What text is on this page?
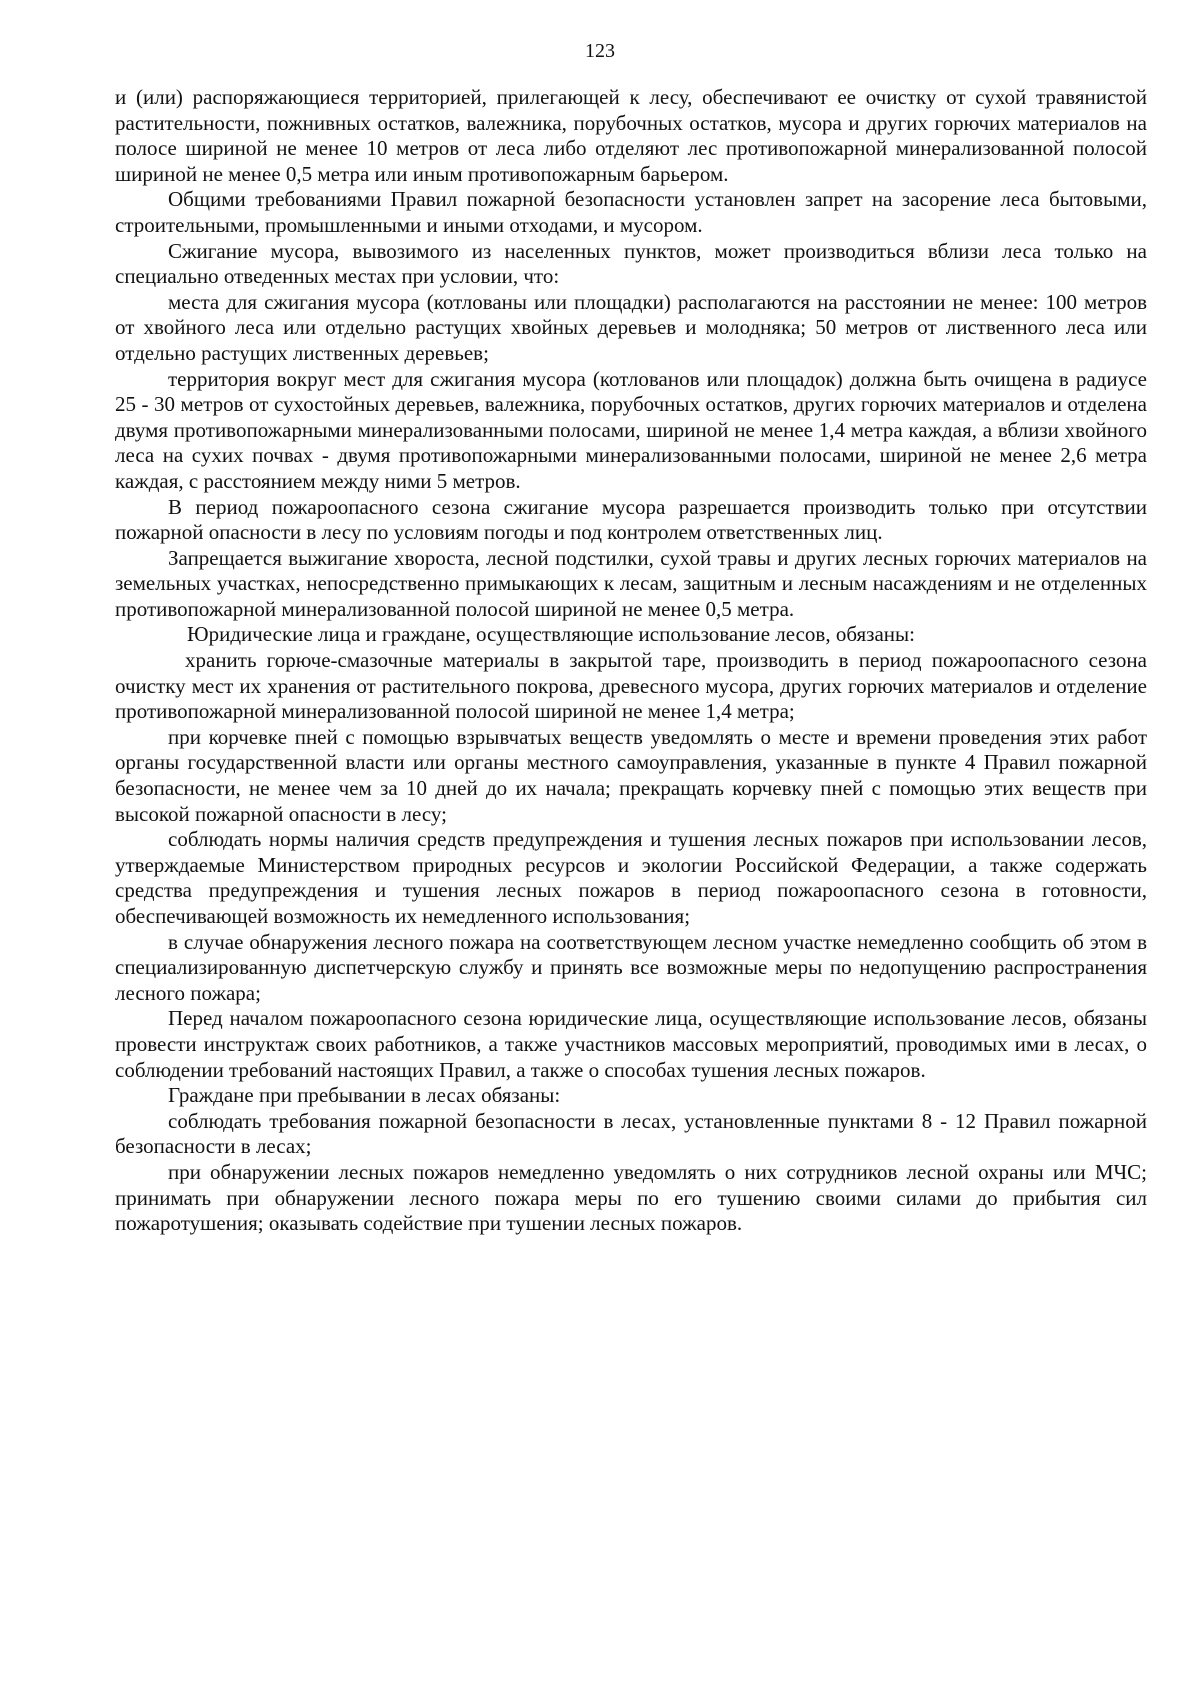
123

и (или) распоряжающиеся территорией, прилегающей к лесу, обеспечивают ее очистку от сухой травянистой растительности, пожнивных остатков, валежника, порубочных остатков, мусора и других горючих материалов на полосе шириной не менее 10 метров от леса либо отделяют лес противопожарной минерализованной полосой шириной не менее 0,5 метра или иным противопожарным барьером.

Общими требованиями Правил пожарной безопасности установлен запрет на засорение леса бытовыми, строительными, промышленными и иными отходами, и мусором.

Сжигание мусора, вывозимого из населенных пунктов, может производиться вблизи леса только на специально отведенных местах при условии, что:

места для сжигания мусора (котлованы или площадки) располагаются на расстоянии не менее: 100 метров от хвойного леса или отдельно растущих хвойных деревьев и молодняка; 50 метров от лиственного леса или отдельно растущих лиственных деревьев;

территория вокруг мест для сжигания мусора (котлованов или площадок) должна быть очищена в радиусе 25 - 30 метров от сухостойных деревьев, валежника, порубочных остатков, других горючих материалов и отделена двумя противопожарными минерализованными полосами, шириной не менее 1,4 метра каждая, а вблизи хвойного леса на сухих почвах - двумя противопожарными минерализованными полосами, шириной не менее 2,6 метра каждая, с расстоянием между ними 5 метров.

В период пожароопасного сезона сжигание мусора разрешается производить только при отсутствии пожарной опасности в лесу по условиям погоды и под контролем ответственных лиц.

Запрещается выжигание хвороста, лесной подстилки, сухой травы и других лесных горючих материалов на земельных участках, непосредственно примыкающих к лесам, защитным и лесным насаждениям и не отделенных противопожарной минерализованной полосой шириной не менее 0,5 метра.

Юридические лица и граждане, осуществляющие использование лесов, обязаны:

хранить горюче-смазочные материалы в закрытой таре, производить в период пожароопасного сезона очистку мест их хранения от растительного покрова, древесного мусора, других горючих материалов и отделение противопожарной минерализованной полосой шириной не менее 1,4 метра;

при корчевке пней с помощью взрывчатых веществ уведомлять о месте и времени проведения этих работ органы государственной власти или органы местного самоуправления, указанные в пункте 4 Правил пожарной безопасности, не менее чем за 10 дней до их начала; прекращать корчевку пней с помощью этих веществ при высокой пожарной опасности в лесу;

соблюдать нормы наличия средств предупреждения и тушения лесных пожаров при использовании лесов, утверждаемые Министерством природных ресурсов и экологии Российской Федерации, а также содержать средства предупреждения и тушения лесных пожаров в период пожароопасного сезона в готовности, обеспечивающей возможность их немедленного использования;

в случае обнаружения лесного пожара на соответствующем лесном участке немедленно сообщить об этом в специализированную диспетчерскую службу и принять все возможные меры по недопущению распространения лесного пожара;

Перед началом пожароопасного сезона юридические лица, осуществляющие использование лесов, обязаны провести инструктаж своих работников, а также участников массовых мероприятий, проводимых ими в лесах, о соблюдении требований настоящих Правил, а также о способах тушения лесных пожаров.

Граждане при пребывании в лесах обязаны:

соблюдать требования пожарной безопасности в лесах, установленные пунктами 8 - 12 Правил пожарной безопасности в лесах;

при обнаружении лесных пожаров немедленно уведомлять о них сотрудников лесной охраны или МЧС; принимать при обнаружении лесного пожара меры по его тушению своими силами до прибытия сил пожаротушения; оказывать содействие при тушении лесных пожаров.
